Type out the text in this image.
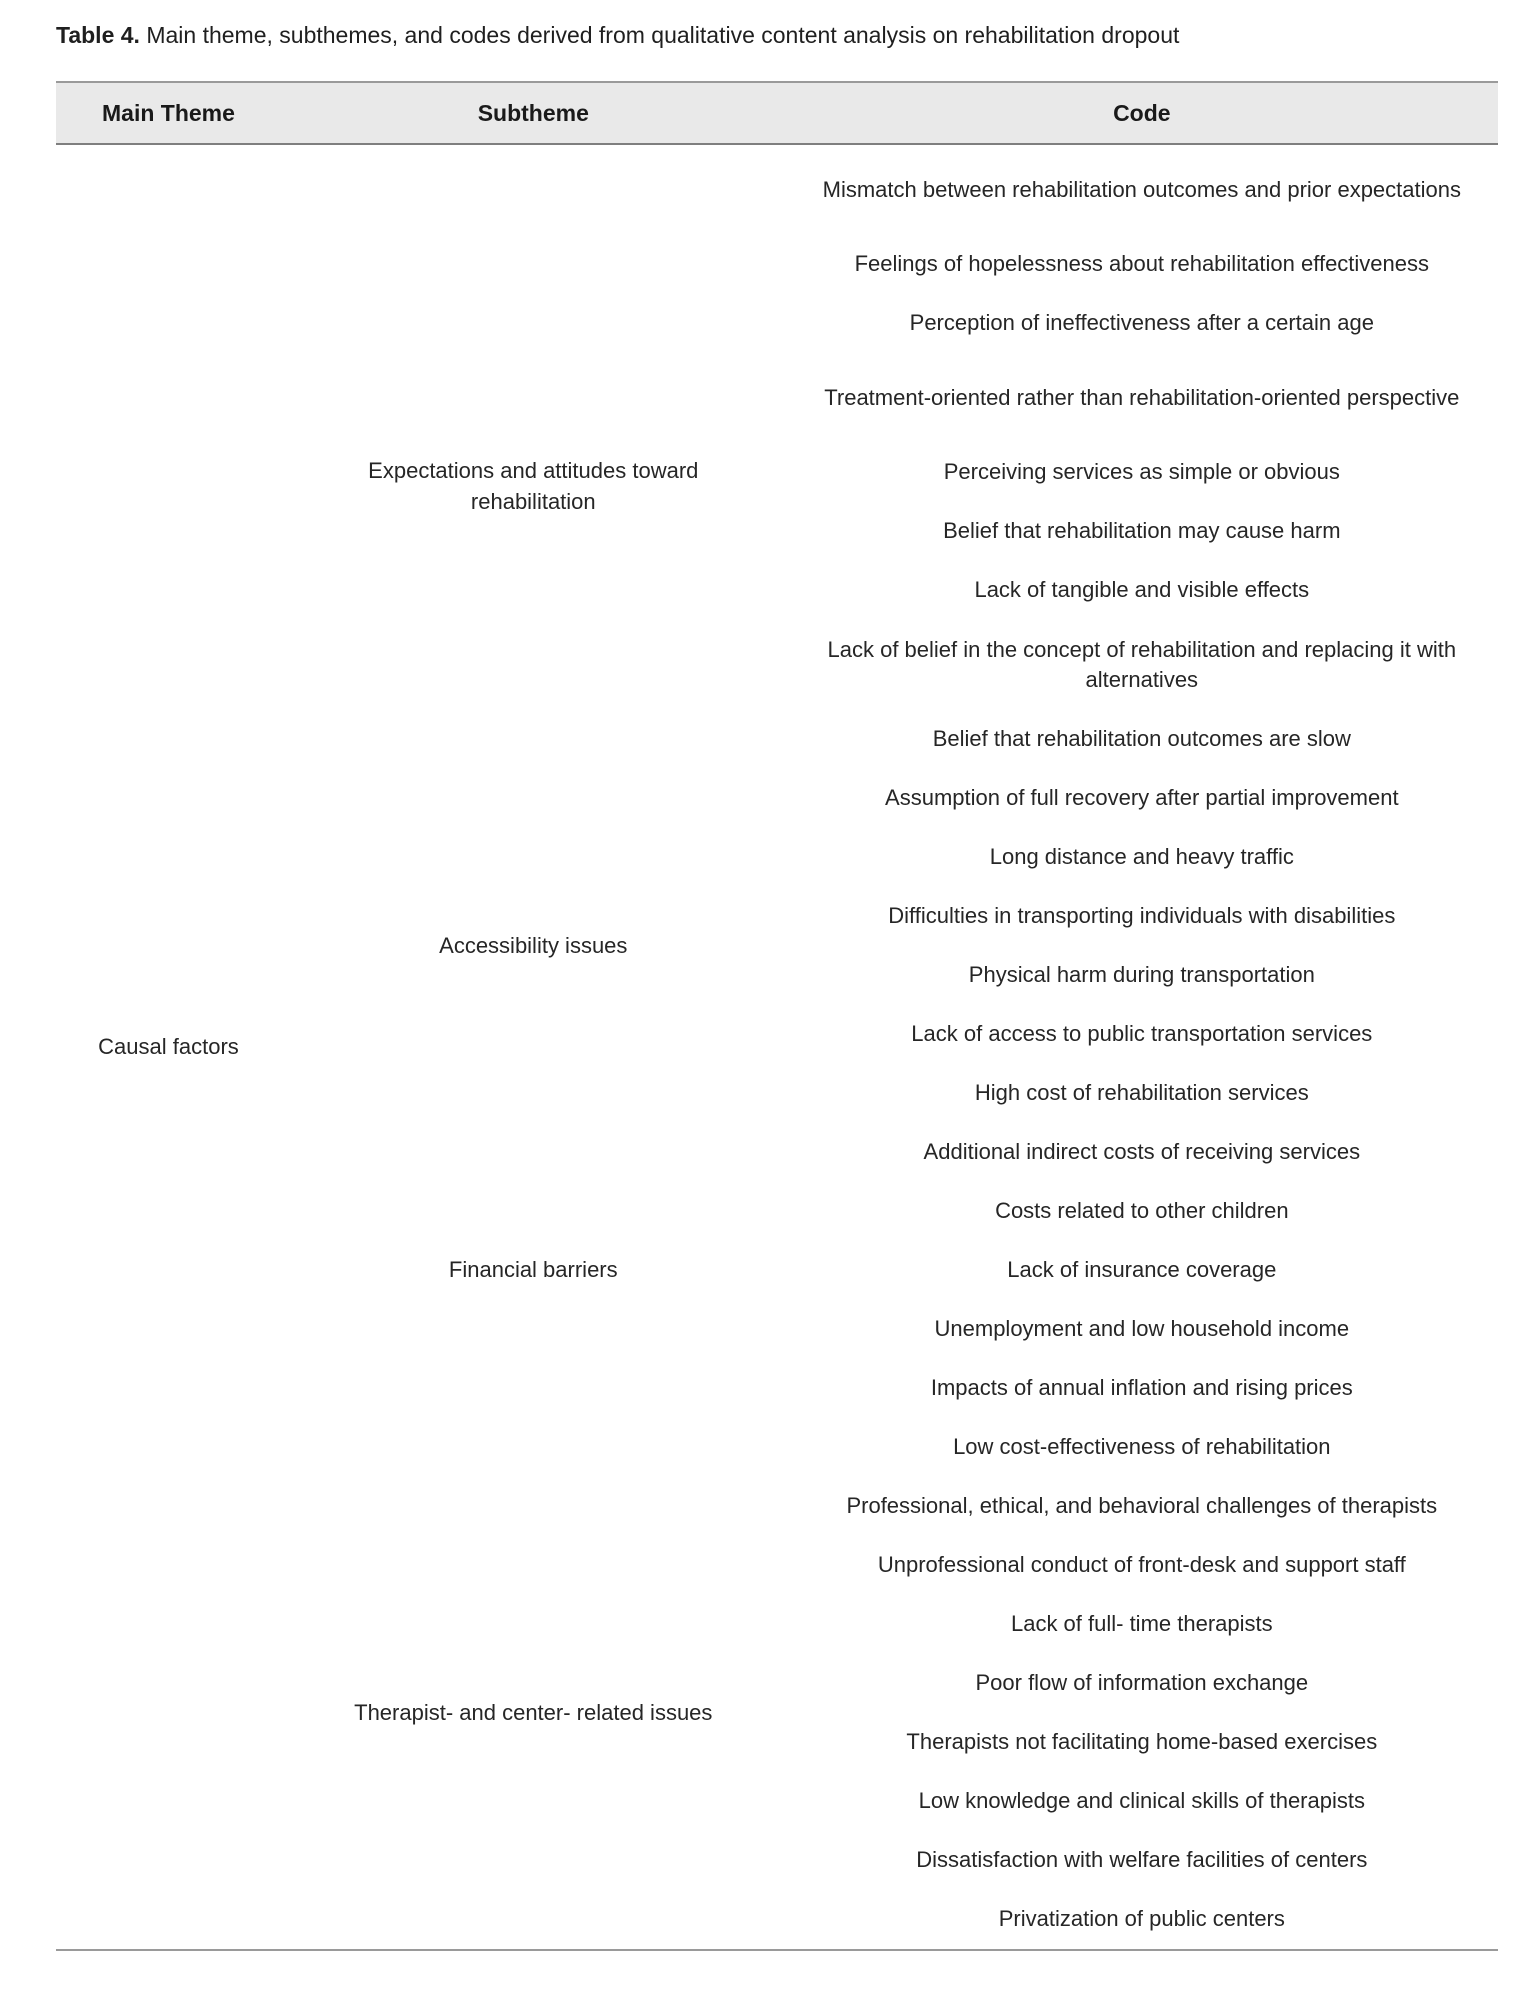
Table 4. Main theme, subthemes, and codes derived from qualitative content analysis on rehabilitation dropout

Main Theme	Subtheme	Code

Causal factors	Expectations and attitudes toward rehabilitation	Mismatch between rehabilitation outcomes and prior expectations

		Feelings of hopelessness about rehabilitation effectiveness

		Perception of ineffectiveness after a certain age

		Treatment-oriented rather than rehabilitation-oriented perspective

		Perceiving services as simple or obvious

		Belief that rehabilitation may cause harm

		Lack of tangible and visible effects

		Lack of belief in the concept of rehabilitation and replacing it with alternatives

		Belief that rehabilitation outcomes are slow

		Assumption of full recovery after partial improvement

	Accessibility issues	Long distance and heavy traffic

		Difficulties in transporting individuals with disabilities

		Physical harm during transportation

		Lack of access to public transportation services

	Financial barriers	High cost of rehabilitation services

		Additional indirect costs of receiving services

		Costs related to other children

		Lack of insurance coverage

		Unemployment and low household income

		Impacts of annual inflation and rising prices

		Low cost-effectiveness of rehabilitation

	Therapist- and center- related issues	Professional, ethical, and behavioral challenges of therapists

		Unprofessional conduct of front-desk and support staff

		Lack of full- time therapists

		Poor flow of information exchange

		Therapists not facilitating home-based exercises

		Low knowledge and clinical skills of therapists

		Dissatisfaction with welfare facilities of centers

		Privatization of public centers
